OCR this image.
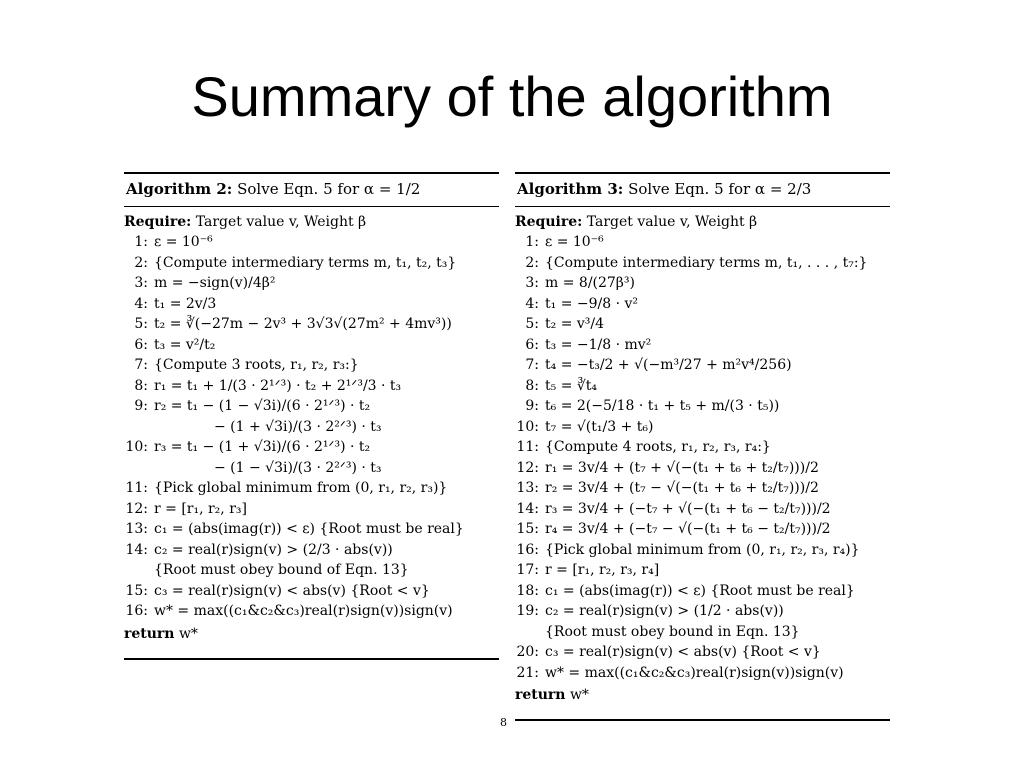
Summary of the algorithm
Algorithm 2: Solve Eqn. 5 for α = 1/2
Require: Target value v, Weight β
1: ε = 10⁻⁶
2: {Compute intermediary terms m, t₁, t₂, t₃}
3: m = −sign(v)/4β²
4: t₁ = 2v/3
5: t₂ = ∛(−27m − 2v³ + 3√3√(27m² + 4mv³))
6: t₃ = v²/t₂
7: {Compute 3 roots, r₁, r₂, r₃:}
8: r₁ = t₁ + 1/(3 · 2¹ᐟ³) · t₂ + 2¹ᐟ³/3 · t₃
9: r₂ = t₁ − (1 − √3i)/(6 · 2¹ᐟ³) · t₂
− (1 + √3i)/(3 · 2²ᐟ³) · t₃
10: r₃ = t₁ − (1 + √3i)/(6 · 2¹ᐟ³) · t₂
− (1 − √3i)/(3 · 2²ᐟ³) · t₃
11: {Pick global minimum from (0, r₁, r₂, r₃)}
12: r = [r₁, r₂, r₃]
13: c₁ = (abs(imag(r)) < ε) {Root must be real}
14: c₂ = real(r)sign(v) > (2/3 · abs(v))
{Root must obey bound of Eqn. 13}
15: c₃ = real(r)sign(v) < abs(v) {Root < v}
16: w* = max((c₁&c₂&c₃)real(r)sign(v))sign(v)
return w*
Algorithm 3: Solve Eqn. 5 for α = 2/3
Require: Target value v, Weight β
1: ε = 10⁻⁶
2: {Compute intermediary terms m, t₁, . . . , t₇:}
3: m = 8/(27β³)
4: t₁ = −9/8 · v²
5: t₂ = v³/4
6: t₃ = −1/8 · mv²
7: t₄ = −t₃/2 + √(−m³/27 + m²v⁴/256)
8: t₅ = ∛t₄
9: t₆ = 2(−5/18 · t₁ + t₅ + m/(3 · t₅))
10: t₇ = √(t₁/3 + t₆)
11: {Compute 4 roots, r₁, r₂, r₃, r₄:}
12: r₁ = 3v/4 + (t₇ + √(−(t₁ + t₆ + t₂/t₇)))/2
13: r₂ = 3v/4 + (t₇ − √(−(t₁ + t₆ + t₂/t₇)))/2
14: r₃ = 3v/4 + (−t₇ + √(−(t₁ + t₆ − t₂/t₇)))/2
15: r₄ = 3v/4 + (−t₇ − √(−(t₁ + t₆ − t₂/t₇)))/2
16: {Pick global minimum from (0, r₁, r₂, r₃, r₄)}
17: r = [r₁, r₂, r₃, r₄]
18: c₁ = (abs(imag(r)) < ε) {Root must be real}
19: c₂ = real(r)sign(v) > (1/2 · abs(v))
{Root must obey bound in Eqn. 13}
20: c₃ = real(r)sign(v) < abs(v) {Root < v}
21: w* = max((c₁&c₂&c₃)real(r)sign(v))sign(v)
return w*
8
